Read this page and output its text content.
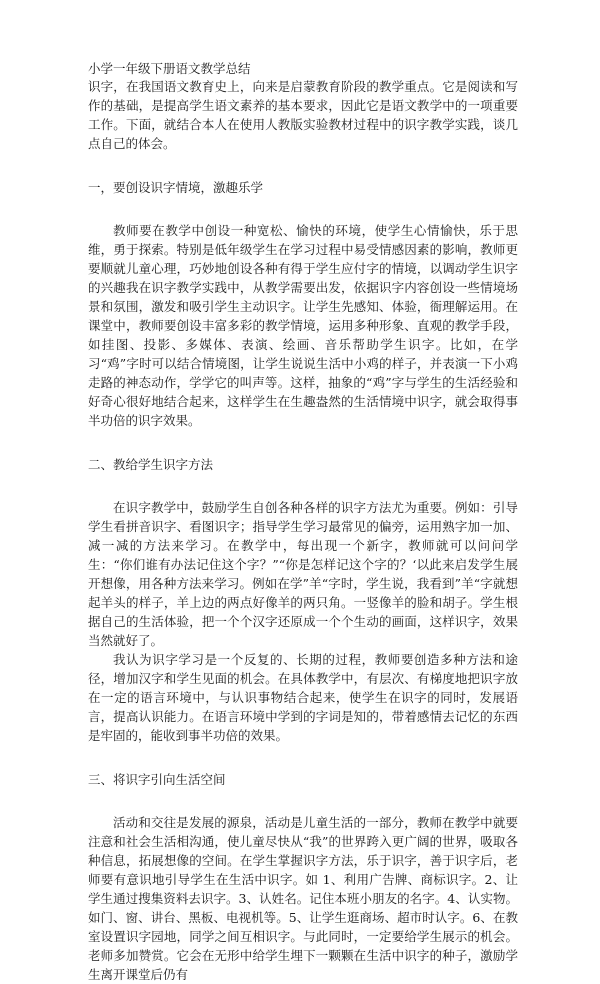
小学一年级下册语文教学总结

识字，在我国语文教育史上，向来是启蒙教育阶段的教学重点。它是阅读和写作的基础，是提高学生语文素养的基本要求，因此它是语文教学中的一项重要工作。下面，就结合本人在使用人教版实验教材过程中的识字教学实践，谈几点自己的体会。

一，要创设识字情境，激趣乐学

教师要在教学中创设一种宽松、愉快的环境，使学生心情愉快，乐于思维，勇于探索。特别是低年级学生在学习过程中易受情感因素的影响，教师更要顺就儿童心理，巧妙地创设各种有得于学生应付字的情境，以调动学生识字的兴趣我在识字教学实践中，从教学需要出发，依据识字内容创设一些情境场景和氛围，激发和吸引学生主动识字。让学生先感知、体验，衙理解运用。在课堂中，教师要创设丰富多彩的教学情境，运用多种形象、直观的教学手段，如挂图、投影、多媒体、表演、绘画、音乐帮助学生识字。比如，在学习“鸡”字时可以结合情境图，让学生说说生活中小鸡的样子，并表演一下小鸡走路的神态动作，学学它的叫声等。这样，抽象的“鸡”字与学生的生活经验和好奇心很好地结合起来，这样学生在生趣盎然的生活情境中识字，就会取得事半功倍的识字效果。

二、教给学生识字方法

在识字教学中，鼓励学生自创各种各样的识字方法尤为重要。例如：引导学生看拼音识字、看图识字；指导学生学习最常见的偏旁，运用熟字加一加、减一减的方法来学习。在教学中，每出现一个新字，教师就可以问问学生：“你们谁有办法记住这个字？”“你是怎样记这个字的？‘以此来启发学生展开想像，用各种方法来学习。例如在学”羊“字时，学生说，我看到”羊“字就想起羊头的样子，羊上边的两点好像羊的两只角。一竖像羊的脸和胡子。学生根据自己的生活体验，把一个个汉字还原成一个个生动的画面，这样识字，效果当然就好了。

我认为识字学习是一个反复的、长期的过程，教师要创造多种方法和途径，增加汉字和学生见面的机会。在具体教学中，有层次、有梯度地把识字放在一定的语言环境中，与认识事物结合起来，使学生在识字的同时，发展语言，提高认识能力。在语言环境中学到的字词是知的，带着感情去记忆的东西是牢固的，能收到事半功倍的效果。

三、将识字引向生活空间

活动和交往是发展的源泉，活动是儿童生活的一部分，教师在教学中就要注意和社会生活相沟通，使儿童尽快从“我”的世界跨入更广阔的世界，吸取各种信息，拓展想像的空间。在学生掌握识字方法，乐于识字，善于识字后，老师要有意识地引导学生在生活中识字。如 1、利用广告牌、商标识字。2、让学生通过搜集资料去识字。3、认姓名。记住本班小朋友的名字。4、认实物。如门、窗、讲台、黑板、电视机等。5、让学生逛商场、超市时认字。6、在教室设置识字园地，同学之间互相识字。与此同时，一定要给学生展示的机会。老师多加赞赏。它会在无形中给学生埋下一颗颗在生活中识字的种子，激励学生离开课堂后仍有
